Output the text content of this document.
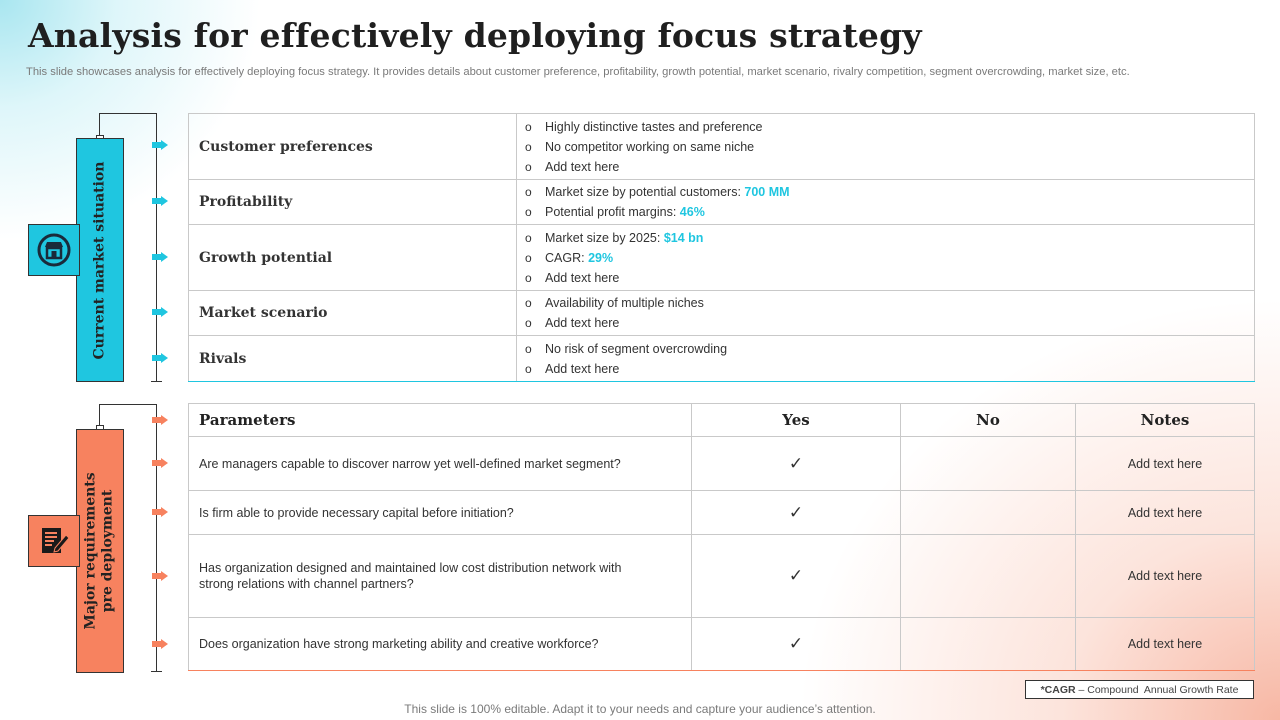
Analysis for effectively deploying focus strategy
This slide showcases analysis for effectively deploying focus strategy. It provides details about customer preference, profitability, growth potential, market scenario, rivalry competition, segment overcrowding, market size, etc.
Current market situation
Major requirements pre deployment
Customer preferences	o Highly distinctive tastes and preference
o No competitor working on same niche
o Add text here

Profitability	o Market size by potential customers: 700 MM
o Potential profit margins: 46%

Growth potential	o Market size by 2025: $14 bn
o CAGR: 29%
o Add text here

Market scenario	o Availability of multiple niches
o Add text here

Rivals	o No risk of segment overcrowding
o Add text here
Parameters	Yes	No	Notes
Are managers capable to discover narrow yet well-defined market segment?	✓		Add text here
Is firm able to provide necessary capital before initiation?	✓		Add text here
Has organization designed and maintained low cost distribution network with strong relations with channel partners?	✓		Add text here
Does organization have strong marketing ability and creative workforce?	✓		Add text here
*CAGR – Compound  Annual Growth Rate
This slide is 100% editable. Adapt it to your needs and capture your audience’s attention.
